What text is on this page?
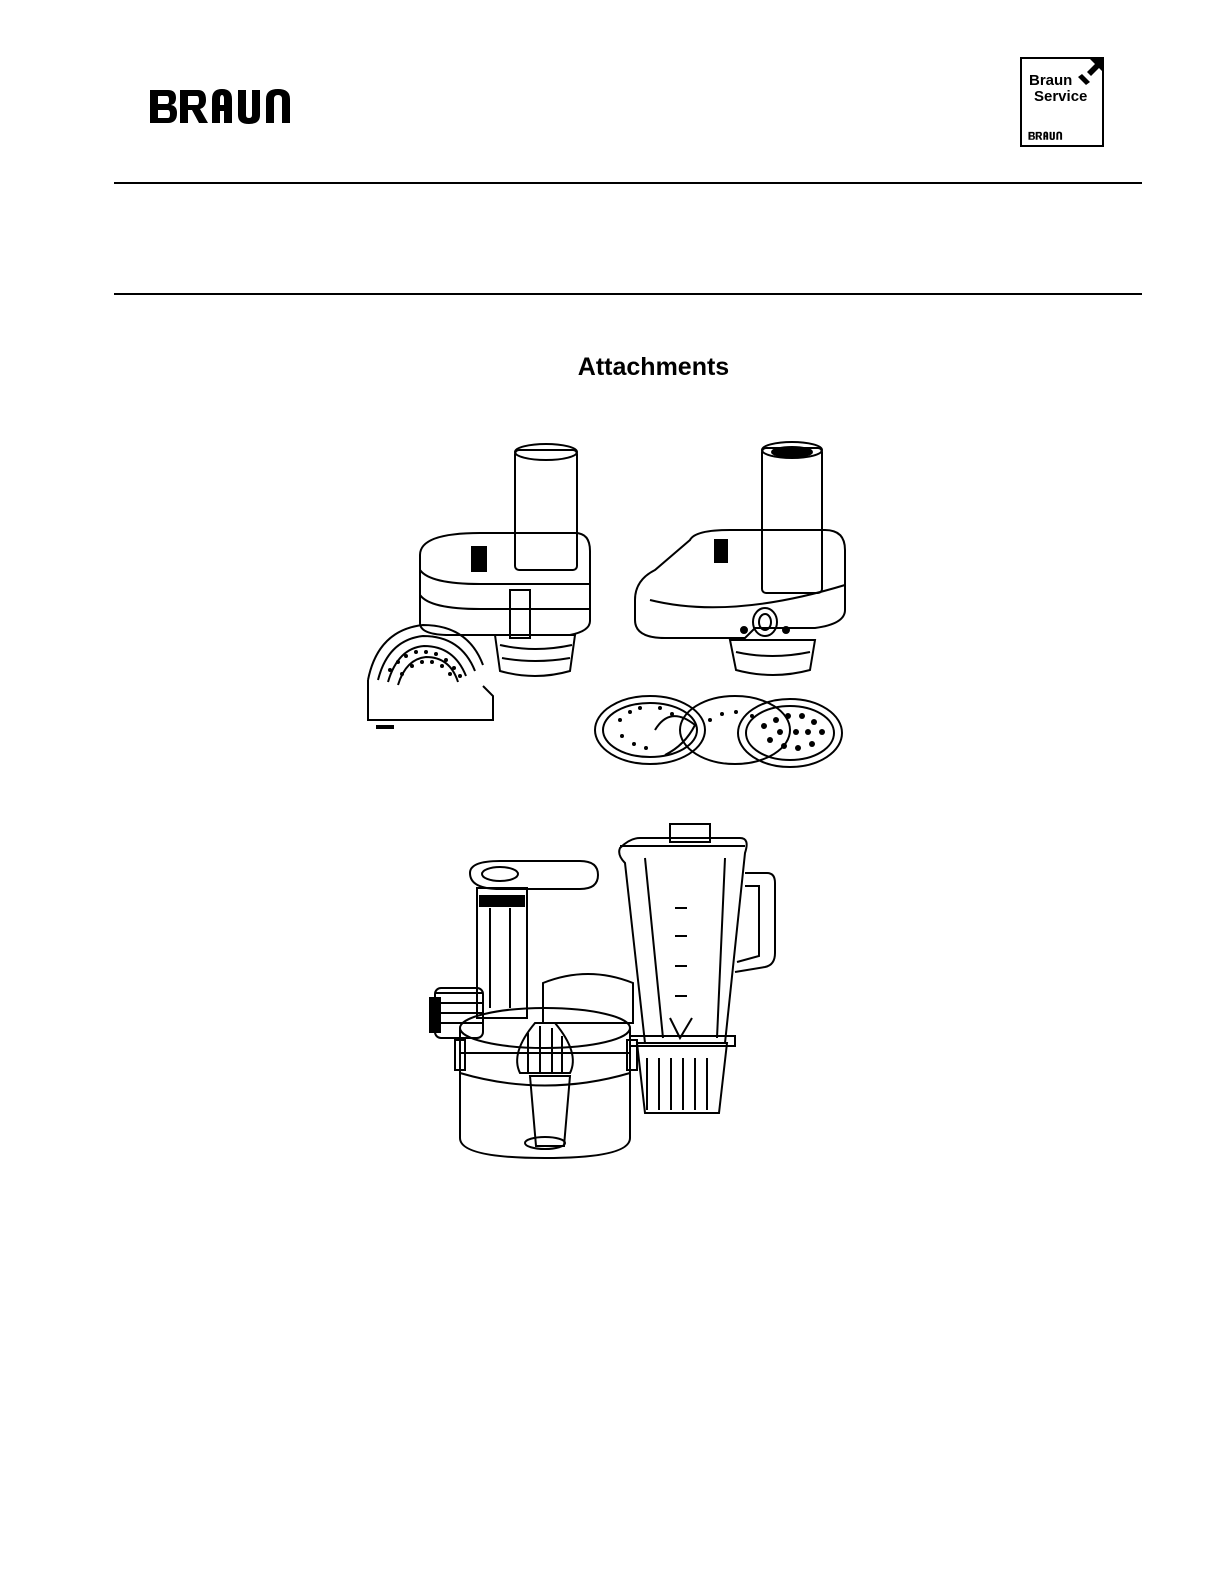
Braun
Service
Attachments
